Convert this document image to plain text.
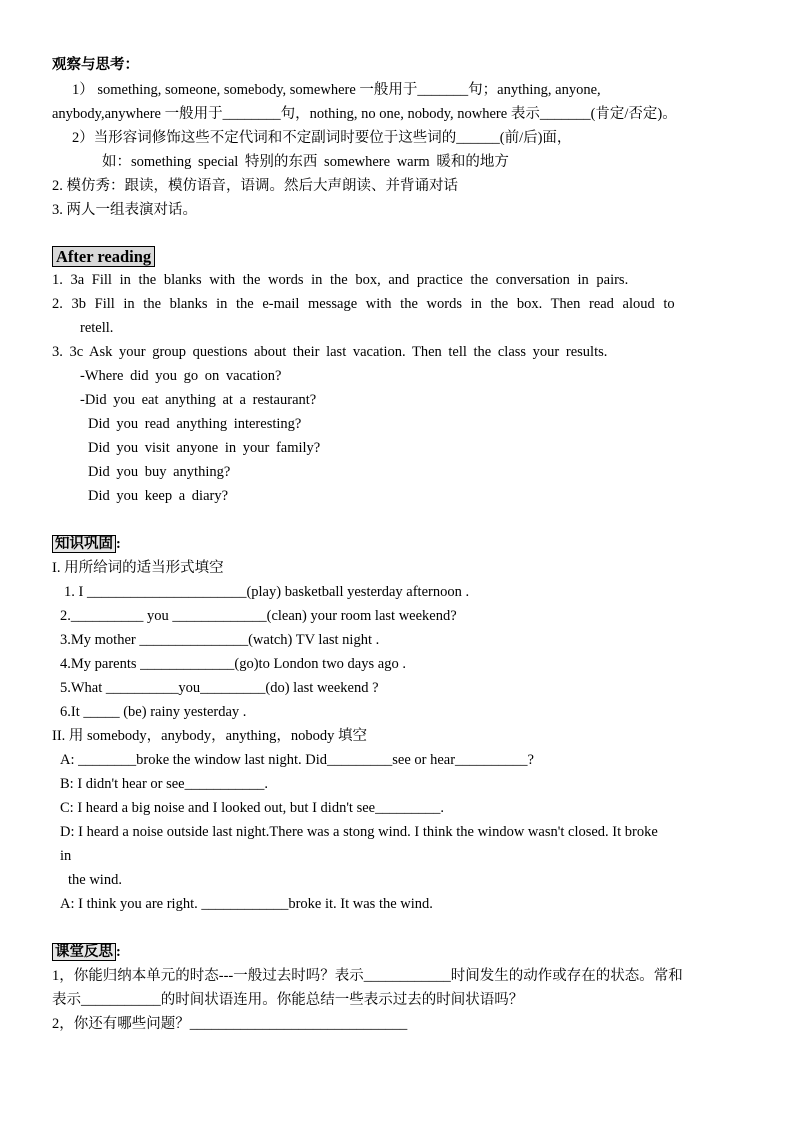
观察与思考：
1） something, someone, somebody, somewhere 一般用于_______句；anything, anyone,
anybody,anywhere 一般用于________句，nothing, no one, nobody, nowhere 表示_______(肯定/否定)。
2）当形容词修饰这些不定代词和不定副词时要位于这些词的______(前/后)面，
如：something special 特别的东西 somewhere warm 暖和的地方
2. 模仿秀：跟读，模仿语音，语调。然后大声朗读、并背诵对话
3. 两人一组表演对话。
After reading
1. 3a Fill in the blanks with the words in the box, and practice the conversation in pairs.
2. 3b Fill in the blanks in the e-mail message with the words in the box. Then read aloud to
retell.
3. 3c Ask your group questions about their last vacation. Then tell the class your results.
-Where did you go on vacation?
-Did you eat anything at a restaurant?
Did you read anything interesting?
Did you visit anyone in your family?
Did you buy anything?
Did you keep a diary?
知识巩固 :
I. 用所给词的适当形式填空
1. I ______________________(play) basketball yesterday afternoon .
2.__________ you _____________(clean) your room last weekend?
3.My mother _______________(watch) TV last night .
4.My parents _____________(go)to London two days ago .
5.What __________you_________(do) last weekend ?
6.It _____ (be) rainy yesterday .
II. 用 somebody，anybody，anything，nobody 填空
A: ________broke the window last night. Did_________see or hear__________?
B: I didn't hear or see___________.
C: I heard a big noise and I looked out, but I didn't see_________.
D: I heard a noise outside last night.There was a stong wind. I think the window wasn't closed. It broke
in
the wind.
A: I think you are right. ____________broke it. It was the wind.
课堂反思 :
1，你能归纳本单元的时态---一般过去时吗？表示____________时间发生的动作或存在的状态。常和
表示___________的时间状语连用。你能总结一些表示过去的时间状语吗？
2，你还有哪些问题？______________________________
